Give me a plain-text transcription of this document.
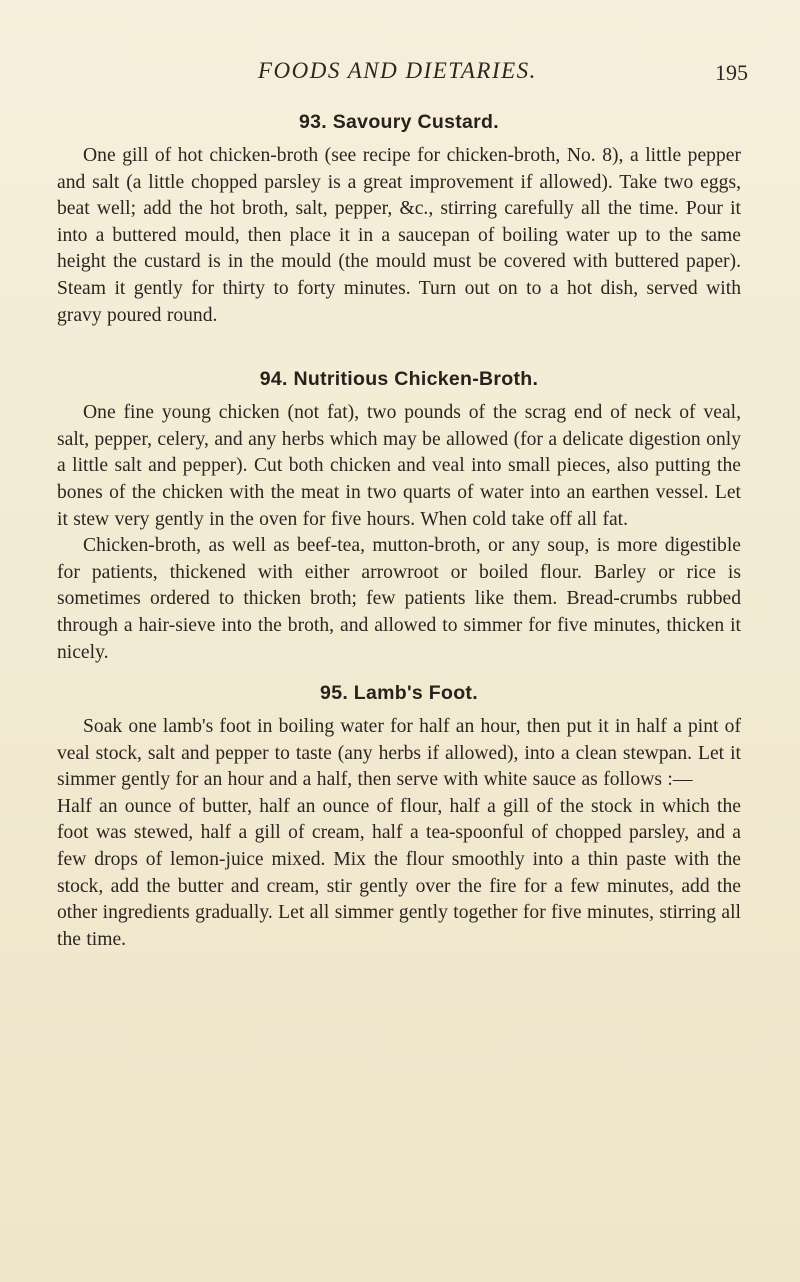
FOODS AND DIETARIES.	195
93. Savoury Custard.

One gill of hot chicken-broth (see recipe for chicken-broth, No. 8), a little pepper and salt (a little chopped parsley is a great improvement if allowed). Take two eggs, beat well; add the hot broth, salt, pepper, &c., stirring carefully all the time. Pour it into a buttered mould, then place it in a saucepan of boiling water up to the same height the custard is in the mould (the mould must be covered with buttered paper). Steam it gently for thirty to forty minutes. Turn out on to a hot dish, served with gravy poured round.

94. Nutritious Chicken-Broth.

One fine young chicken (not fat), two pounds of the scrag end of neck of veal, salt, pepper, celery, and any herbs which may be allowed (for a delicate digestion only a little salt and pepper). Cut both chicken and veal into small pieces, also putting the bones of the chicken with the meat in two quarts of water into an earthen vessel. Let it stew very gently in the oven for five hours. When cold take off all fat.

Chicken-broth, as well as beef-tea, mutton-broth, or any soup, is more digestible for patients, thickened with either arrowroot or boiled flour. Barley or rice is sometimes ordered to thicken broth; few patients like them. Bread-crumbs rubbed through a hair-sieve into the broth, and allowed to simmer for five minutes, thicken it nicely.

95. Lamb's Foot.

Soak one lamb's foot in boiling water for half an hour, then put it in half a pint of veal stock, salt and pepper to taste (any herbs if allowed), into a clean stewpan. Let it simmer gently for an hour and a half, then serve with white sauce as follows :—

Half an ounce of butter, half an ounce of flour, half a gill of the stock in which the foot was stewed, half a gill of cream, half a tea-spoonful of chopped parsley, and a few drops of lemon-juice mixed. Mix the flour smoothly into a thin paste with the stock, add the butter and cream, stir gently over the fire for a few minutes, add the other ingredients gradually. Let all simmer gently together for five minutes, stirring all the time.
